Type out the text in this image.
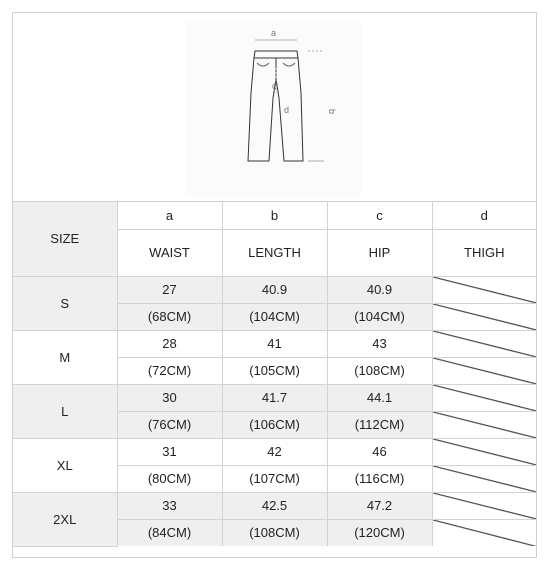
a
b
c
d
SIZE	a	b	c	d
	WAIST	LENGTH	HIP	THIGH
S	27	40.9	40.9	

	(68CM)	(104CM)	(104CM)	

M	28	41	43	

	(72CM)	(105CM)	(108CM)	

L	30	41.7	44.1	

	(76CM)	(106CM)	(112CM)	

XL	31	42	46	

	(80CM)	(107CM)	(116CM)	

2XL	33	42.5	47.2	

	(84CM)	(108CM)	(120CM)	
